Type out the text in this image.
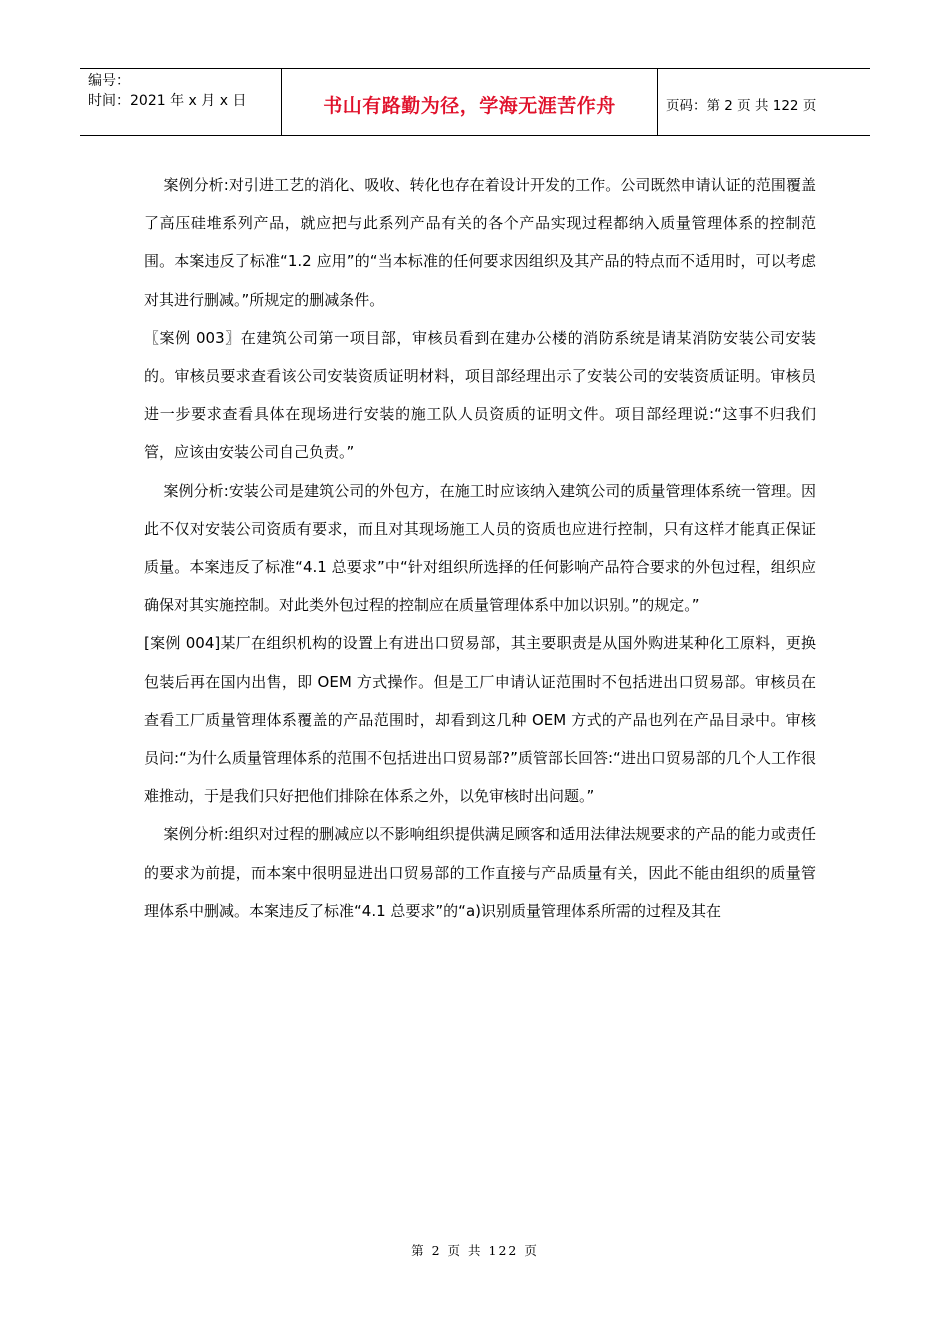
编号：
时间：2021 年 x 月 x 日	书山有路勤为径，学海无涯苦作舟	页码：第 2 页 共 122 页

案例分析:对引进工艺的消化、吸收、转化也存在着设计开发的工作。公司既然申请认证的范围覆盖了高压硅堆系列产品，就应把与此系列产品有关的各个产品实现过程都纳入质量管理体系的控制范围。本案违反了标准“1.2 应用”的“当本标准的任何要求因组织及其产品的特点而不适用时，可以考虑对其进行删减。”所规定的删减条件。

〖案例 003〗在建筑公司第一项目部，审核员看到在建办公楼的消防系统是请某消防安装公司安装的。审核员要求查看该公司安装资质证明材料，项目部经理出示了安装公司的安装资质证明。审核员进一步要求查看具体在现场进行安装的施工队人员资质的证明文件。项目部经理说:“这事不归我们管，应该由安装公司自己负责。”

案例分析:安装公司是建筑公司的外包方，在施工时应该纳入建筑公司的质量管理体系统一管理。因此不仅对安装公司资质有要求，而且对其现场施工人员的资质也应进行控制，只有这样才能真正保证质量。本案违反了标准“4.1 总要求”中“针对组织所选择的任何影响产品符合要求的外包过程，组织应确保对其实施控制。对此类外包过程的控制应在质量管理体系中加以识别。”的规定。”

[案例 004]某厂在组织机构的设置上有进出口贸易部，其主要职责是从国外购进某种化工原料，更换包装后再在国内出售，即 OEM 方式操作。但是工厂申请认证范围时不包括进出口贸易部。审核员在查看工厂质量管理体系覆盖的产品范围时，却看到这几种 OEM 方式的产品也列在产品目录中。审核员问:“为什么质量管理体系的范围不包括进出口贸易部?”质管部长回答:“进出口贸易部的几个人工作很难推动，于是我们只好把他们排除在体系之外，以免审核时出问题。”

案例分析:组织对过程的删减应以不影响组织提供满足顾客和适用法律法规要求的产品的能力或责任的要求为前提，而本案中很明显进出口贸易部的工作直接与产品质量有关，因此不能由组织的质量管理体系中删减。本案违反了标准“4.1 总要求”的“a)识别质量管理体系所需的过程及其在

第 2 页 共 122 页
